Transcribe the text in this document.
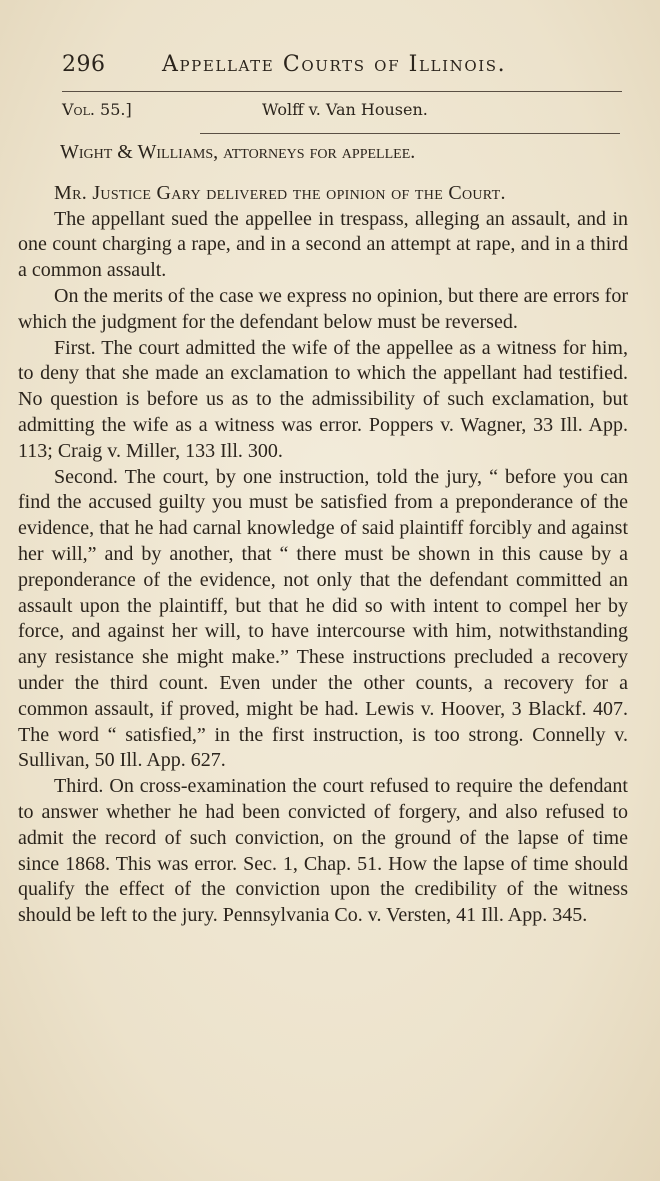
296	Appellate Courts of Illinois.
Vol. 55.]	Wolff v. Van Housen.

Wight & Williams, attorneys for appellee.

Mr. Justice Gary delivered the opinion of the Court.

The appellant sued the appellee in trespass, alleging an assault, and in one count charging a rape, and in a second an attempt at rape, and in a third a common assault.

On the merits of the case we express no opinion, but there are errors for which the judgment for the defendant below must be reversed.

First. The court admitted the wife of the appellee as a witness for him, to deny that she made an exclamation to which the appellant had testified. No question is before us as to the admissibility of such exclamation, but admitting the wife as a witness was error. Poppers v. Wagner, 33 Ill. App. 113; Craig v. Miller, 133 Ill. 300.

Second. The court, by one instruction, told the jury, “ before you can find the accused guilty you must be satisfied from a preponderance of the evidence, that he had carnal knowledge of said plaintiff forcibly and against her will,” and by another, that “ there must be shown in this cause by a preponderance of the evidence, not only that the defendant committed an assault upon the plaintiff, but that he did so with intent to compel her by force, and against her will, to have intercourse with him, notwithstanding any resistance she might make.” These instructions precluded a recovery under the third count. Even under the other counts, a recovery for a common assault, if proved, might be had. Lewis v. Hoover, 3 Blackf. 407. The word “ satisfied,” in the first instruction, is too strong. Connelly v. Sullivan, 50 Ill. App. 627.

Third. On cross-examination the court refused to require the defendant to answer whether he had been convicted of forgery, and also refused to admit the record of such conviction, on the ground of the lapse of time since 1868. This was error. Sec. 1, Chap. 51. How the lapse of time should qualify the effect of the conviction upon the credibility of the witness should be left to the jury. Pennsylvania Co. v. Versten, 41 Ill. App. 345.
